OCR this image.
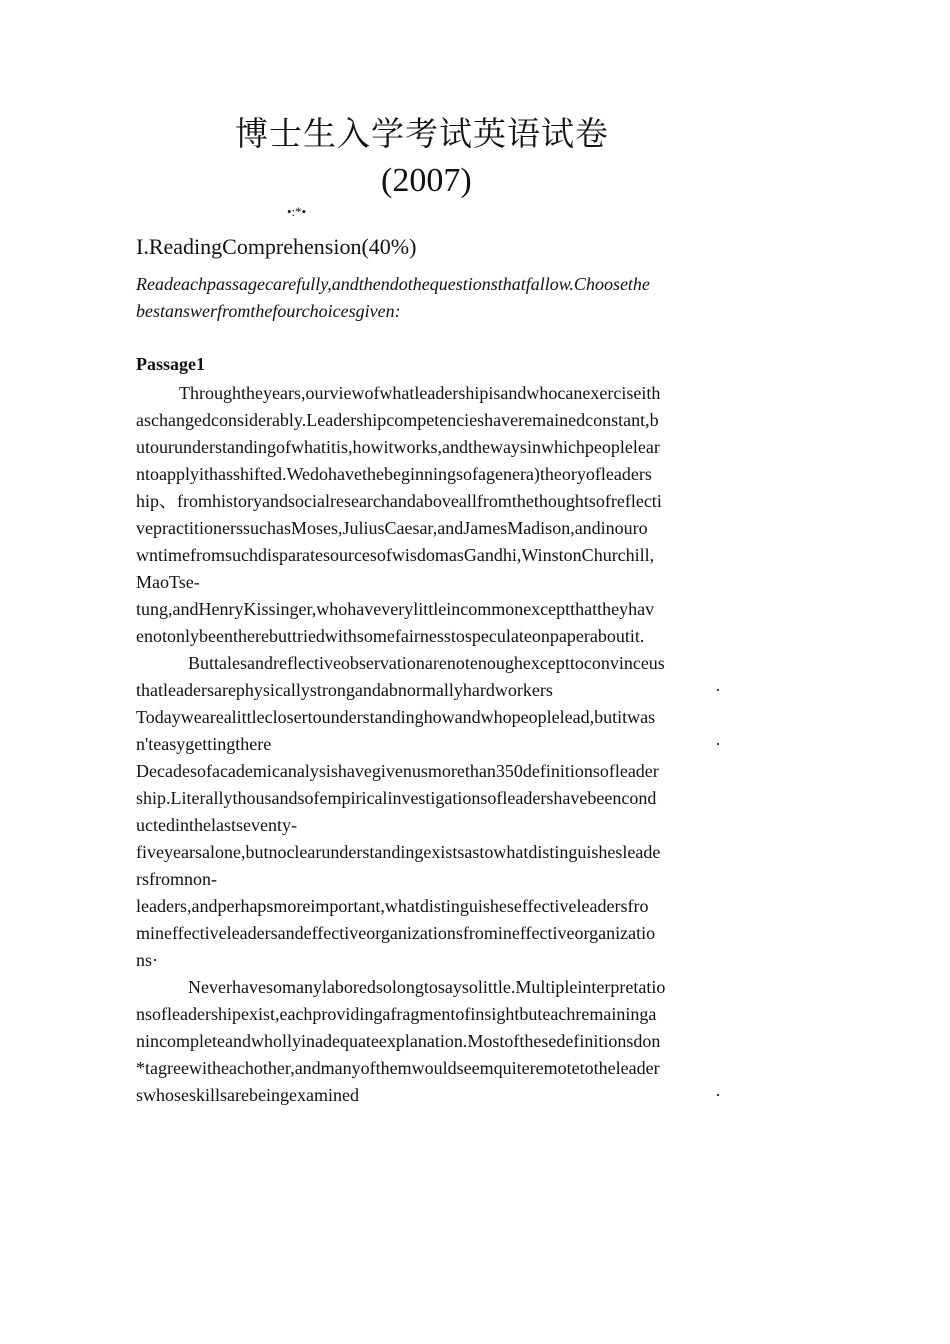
博士生入学考试英语试卷
(2007)
•:*•
I.ReadingComprehension(40%)
Readeachpassagecarefully,andthendothequestionsthatfallow.Choosethe
bestanswerfromthefourchoicesgiven:
Passage1
Throughtheyears,ourviewofwhatleadershipisandwhocanexerciseith
aschangedconsiderably.Leadershipcompetencieshaveremainedconstant,b
utourunderstandingofwhatitis,howitworks,andthewaysinwhichpeoplelear
ntoapplyithasshifted.Wedohavethebeginningsofagenera)theoryofleaders
hip、fromhistoryandsocialresearchandaboveallfromthethoughtsofreflecti
vepractitionerssuchasMoses,JuliusCaesar,andJamesMadison,andinouro
wntimefromsuchdisparatesourcesofwisdomasGandhi,WinstonChurchill,
MaoTse-
tung,andHenryKissinger,whohaveverylittleincommonexceptthattheyhav
enotonlybeentherebuttriedwithsomefairnesstospeculateonpaperaboutit.
Buttalesandreflectiveobservationarenotenoughexcepttoconvinceus
thatleadersarephysicallystrongandabnormallyhardworkers	·
Todaywearealittleclosertounderstandinghowandwhopeoplelead,butitwas
n'teasygettingthere	·
Decadesofacademicanalysishavegivenusmorethan350definitionsofleader
ship.Literallythousandsofempiricalinvestigationsofleadershavebeencond
uctedinthelastseventy-
fiveyearsalone,butnoclearunderstandingexistsastowhatdistinguishesleade
rsfromnon-
leaders,andperhapsmoreimportant,whatdistinguisheseffectiveleadersfro
mineffectiveleadersandeffectiveorganizationsfromineffectiveorganizatio
ns·
Neverhavesomanylaboredsolongtosaysolittle.Multipleinterpretatio
nsofleadershipexist,eachprovidingafragmentofinsightbuteachremaininga
nincompleteandwhollyinadequateexplanation.Mostofthesedefinitionsdon
*tagreewitheachother,andmanyofthemwouldseemquiteremotetotheleader
swhoseskillsarebeingexamined	·
